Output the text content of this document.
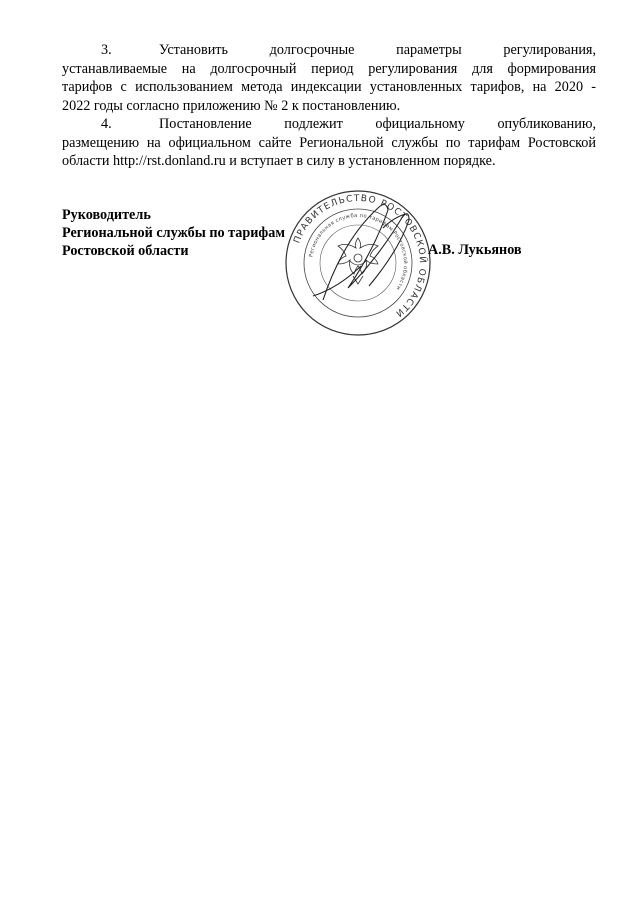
3.	Установить долгосрочные параметры регулирования,
устанавливаемые на долгосрочный период регулирования для формирования
тарифов с использованием метода индексации установленных тарифов, на 2020 -
2022 годы согласно приложению № 2 к постановлению.
4.	Постановление подлежит официальному опубликованию,
размещению на официальном сайте Региональной службы по тарифам Ростовской
области http://rst.donland.ru и вступает в силу в установленном порядке.
Руководитель
Региональной службы по тарифам
Ростовской области
ПРАВИТЕЛЬСТВО РОСТОВСКОЙ ОБЛАСТИ
Региональная служба по тарифам Ростовской области
А.В. Лукьянов
